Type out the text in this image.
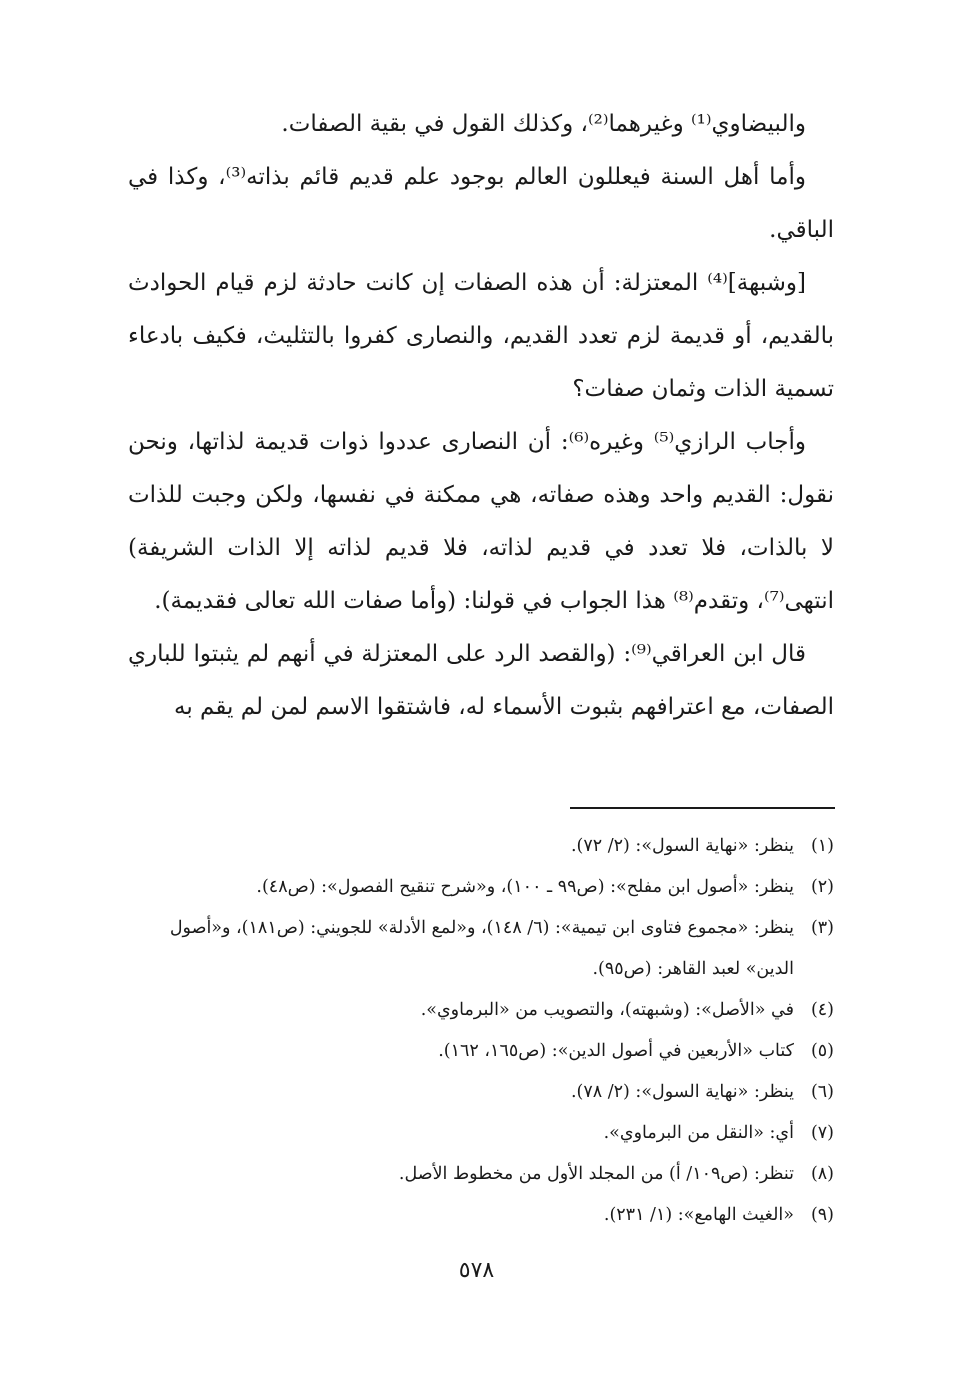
والبيضاوي⁽¹⁾ وغيرهما⁽²⁾، وكذلك القول في بقية الصفات.

وأما أهل السنة فيعللون العالم بوجود علم قديم قائم بذاته⁽³⁾، وكذا في الباقي.

[وشبهة]⁽⁴⁾ المعتزلة: أن هذه الصفات إن كانت حادثة لزم قيام الحوادث بالقديم، أو قديمة لزم تعدد القديم، والنصارى كفروا بالتثليث، فكيف بادعاء تسمية الذات وثمان صفات؟

وأجاب الرازي⁽⁵⁾ وغيره⁽⁶⁾: أن النصارى عددوا ذوات قديمة لذاتها، ونحن نقول: القديم واحد وهذه صفاته، هي ممكنة في نفسها، ولكن وجبت للذات لا بالذات، فلا تعدد في قديم لذاته، فلا قديم لذاته إلا الذات الشريفة) انتهى⁽⁷⁾، وتقدم⁽⁸⁾ هذا الجواب في قولنا: (وأما صفات الله تعالى فقديمة).

قال ابن العراقي⁽⁹⁾: (والقصد الرد على المعتزلة في أنهم لم يثبتوا للباري الصفات، مع اعترافهم بثبوت الأسماء له، فاشتقوا الاسم لمن لم يقم به

(١)
ينظر: «نهاية السول»: (٢/ ٧٢).
(٢)
ينظر: «أصول ابن مفلح»: (ص٩٩ ـ ١٠٠)، و«شرح تنقيح الفصول»: (ص٤٨).
(٣)
ينظر: «مجموع فتاوى ابن تيمية»: (٦/ ١٤٨)، و«لمع الأدلة» للجويني: (ص١٨١)، و«أصول الدين» لعبد القاهر: (ص٩٥).
(٤)
في «الأصل»: (وشبهته)، والتصويب من «البرماوي».
(٥)
كتاب «الأربعين في أصول الدين»: (ص١٦٥، ١٦٢).
(٦)
ينظر: «نهاية السول»: (٢/ ٧٨).
(٧)
أي: «النقل من البرماوي».
(٨)
تنظر: (ص١٠٩/ أ) من المجلد الأول من مخطوط الأصل.
(٩)
«الغيث الهامع»: (١/ ٢٣١).
٥٧٨
